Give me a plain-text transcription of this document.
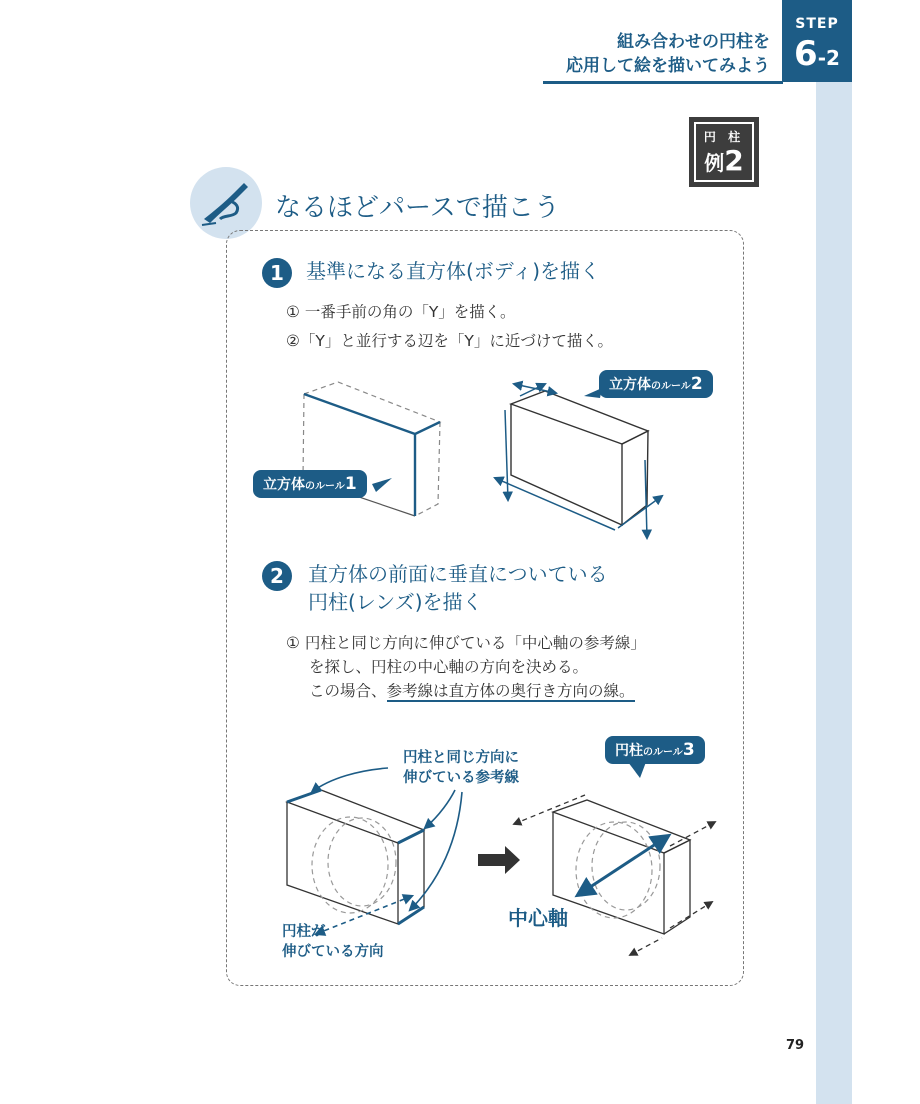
STEP
6-2
組み合わせの円柱を
応用して絵を描いてみよう
円 柱
例2
なるほどパースで描こう
1	基準になる直方体(ボディ)を描く
① 一番手前の角の「Y」を描く。
②「Y」と並行する辺を「Y」に近づけて描く。
立方体のルール1
立方体のルール2
2	直方体の前面に垂直についている
円柱(レンズ)を描く
① 円柱と同じ方向に伸びている「中心軸の参考線」
を探し、円柱の中心軸の方向を決める。
この場合、参考線は直方体の奥行き方向の線。
円柱と同じ方向に
伸びている参考線
円柱のルール3
円柱が
伸びている方向
中心軸
79
